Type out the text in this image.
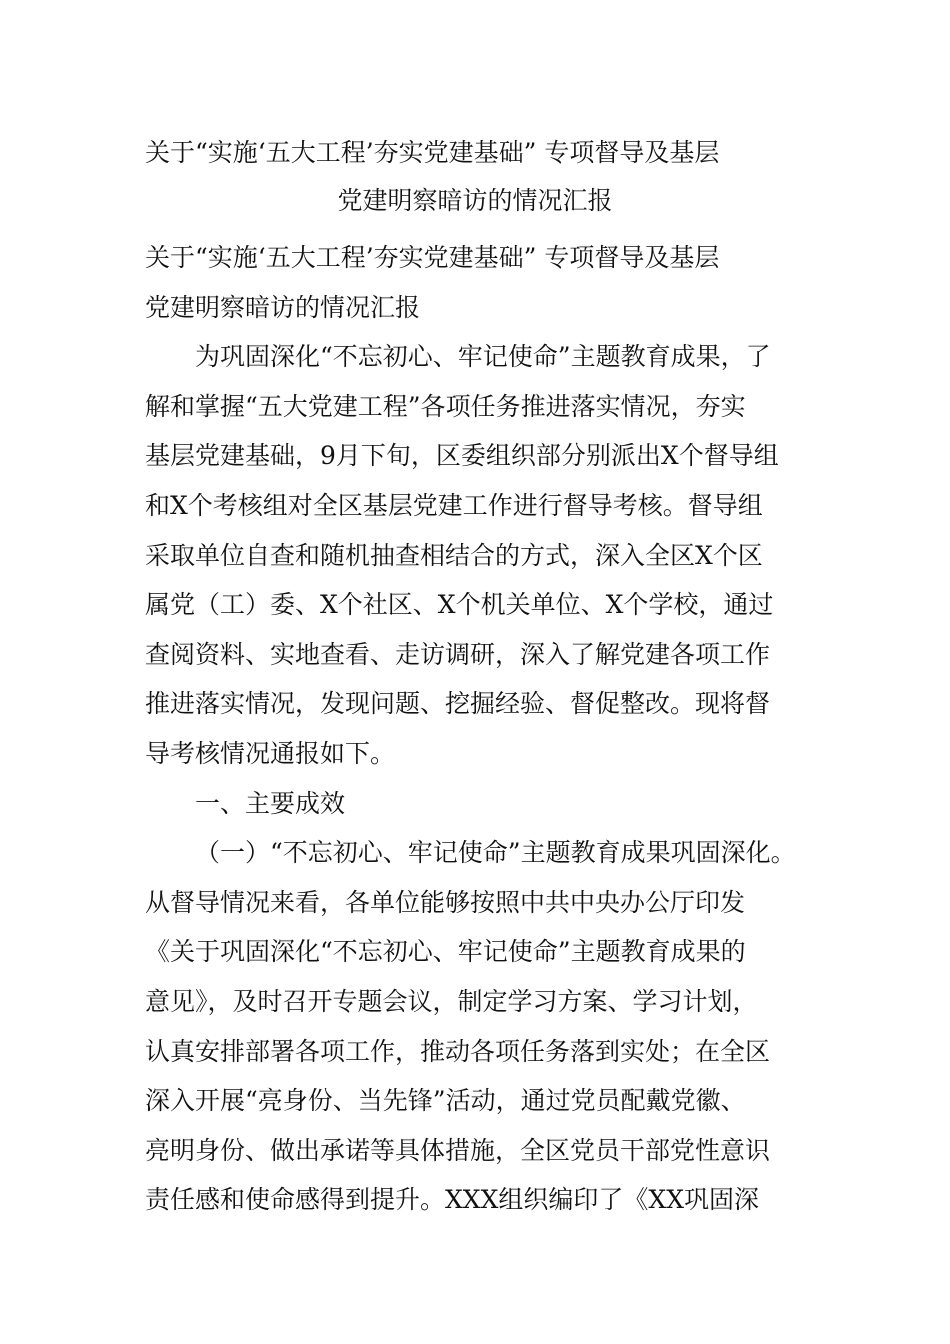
关于“实施‘五大工程’夯实党建基础” 专项督导及基层
党建明察暗访的情况汇报

关于“实施‘五大工程’夯实党建基础” 专项督导及基层
党建明察暗访的情况汇报

为巩固深化“不忘初心、牢记使命”主题教育成果，了
解和掌握“五大党建工程”各项任务推进落实情况，夯实
基层党建基础，9月下旬，区委组织部分别派出X个督导组
和X个考核组对全区基层党建工作进行督导考核。督导组
采取单位自查和随机抽查相结合的方式，深入全区X个区
属党（工）委、X个社区、X个机关单位、X个学校，通过
查阅资料、实地查看、走访调研，深入了解党建各项工作
推进落实情况，发现问题、挖掘经验、督促整改。现将督
导考核情况通报如下。

一、主要成效

（一）“不忘初心、牢记使命”主题教育成果巩固深化。
从督导情况来看，各单位能够按照中共中央办公厅印发
《关于巩固深化“不忘初心、牢记使命”主题教育成果的
意见》，及时召开专题会议，制定学习方案、学习计划，
认真安排部署各项工作，推动各项任务落到实处；在全区
深入开展“亮身份、当先锋”活动，通过党员配戴党徽、
亮明身份、做出承诺等具体措施，全区党员干部党性意识
责任感和使命感得到提升。XXX组织编印了《XX巩固深
